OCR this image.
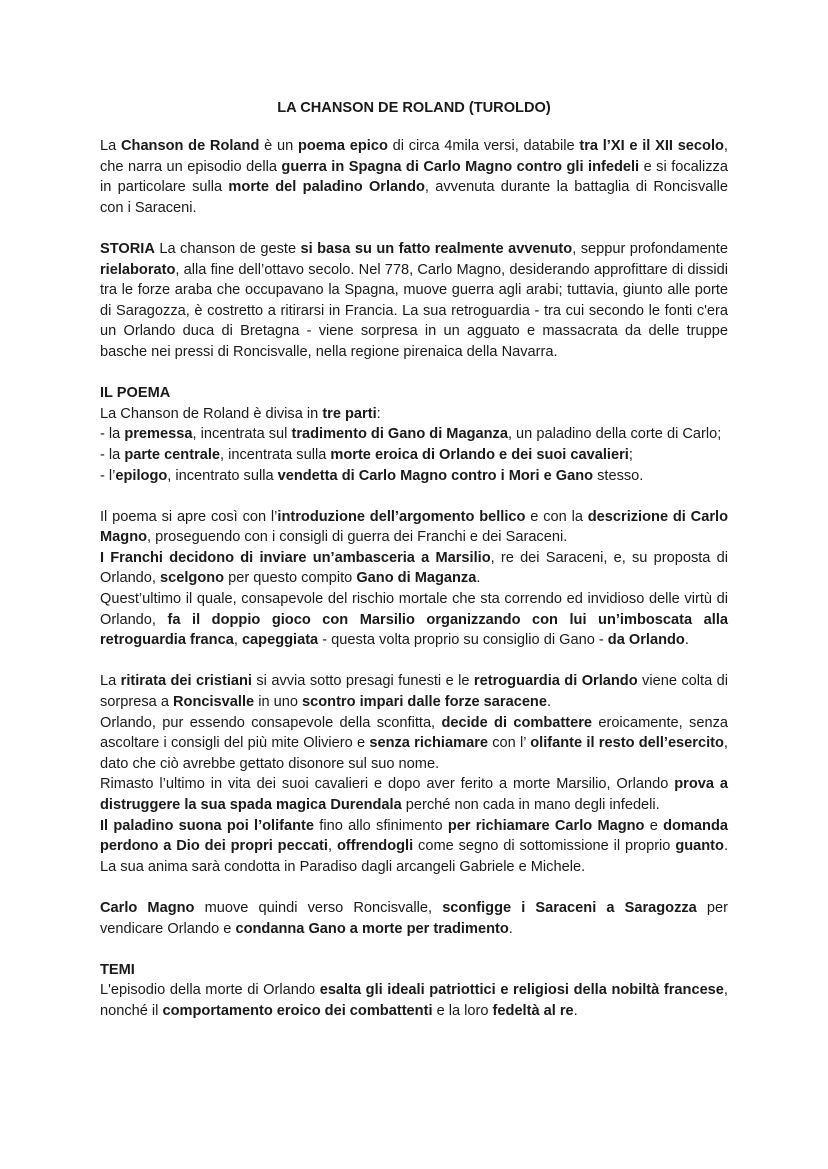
LA CHANSON DE ROLAND (TUROLDO)

La Chanson de Roland è un poema epico di circa 4mila versi, databile tra l’XI e il XII secolo, che narra un episodio della guerra in Spagna di Carlo Magno contro gli infedeli e si focalizza in particolare sulla morte del paladino Orlando, avvenuta durante la battaglia di Roncisvalle con i Saraceni.

STORIA La chanson de geste si basa su un fatto realmente avvenuto, seppur profondamente rielaborato, alla fine dell’ottavo secolo. Nel 778, Carlo Magno, desiderando approfittare di dissidi tra le forze araba che occupavano la Spagna, muove guerra agli arabi; tuttavia, giunto alle porte di Saragozza, è costretto a ritirarsi in Francia. La sua retroguardia - tra cui secondo le fonti c'era un Orlando duca di Bretagna - viene sorpresa in un agguato e massacrata da delle truppe basche nei pressi di Roncisvalle, nella regione pirenaica della Navarra.

IL POEMA

La Chanson de Roland è divisa in tre parti:

- la premessa, incentrata sul tradimento di Gano di Maganza, un paladino della corte di Carlo;

- la parte centrale, incentrata sulla morte eroica di Orlando e dei suoi cavalieri;

- l’epilogo, incentrato sulla vendetta di Carlo Magno contro i Mori e Gano stesso.

Il poema si apre così con l’introduzione dell’argomento bellico e con la descrizione di Carlo Magno, proseguendo con i consigli di guerra dei Franchi e dei Saraceni.

I Franchi decidono di inviare un’ambasceria a Marsilio, re dei Saraceni, e, su proposta di Orlando, scelgono per questo compito Gano di Maganza.

Quest’ultimo il quale, consapevole del rischio mortale che sta correndo ed invidioso delle virtù di Orlando, fa il doppio gioco con Marsilio organizzando con lui un’imboscata alla retroguardia franca, capeggiata - questa volta proprio su consiglio di Gano - da Orlando.

La ritirata dei cristiani si avvia sotto presagi funesti e le retroguardia di Orlando viene colta di sorpresa a Roncisvalle in uno scontro impari dalle forze saracene.

Orlando, pur essendo consapevole della sconfitta, decide di combattere eroicamente, senza ascoltare i consigli del più mite Oliviero e senza richiamare con l’ olifante il resto dell’esercito, dato che ciò avrebbe gettato disonore sul suo nome.

Rimasto l’ultimo in vita dei suoi cavalieri e dopo aver ferito a morte Marsilio, Orlando prova a distruggere la sua spada magica Durendala perché non cada in mano degli infedeli.

Il paladino suona poi l’olifante fino allo sfinimento per richiamare Carlo Magno e domanda perdono a Dio dei propri peccati, offrendogli come segno di sottomissione il proprio guanto. La sua anima sarà condotta in Paradiso dagli arcangeli Gabriele e Michele.

Carlo Magno muove quindi verso Roncisvalle, sconfigge i Saraceni a Saragozza per vendicare Orlando e condanna Gano a morte per tradimento.

TEMI

L'episodio della morte di Orlando esalta gli ideali patriottici e religiosi della nobiltà francese, nonché il comportamento eroico dei combattenti e la loro fedeltà al re.
